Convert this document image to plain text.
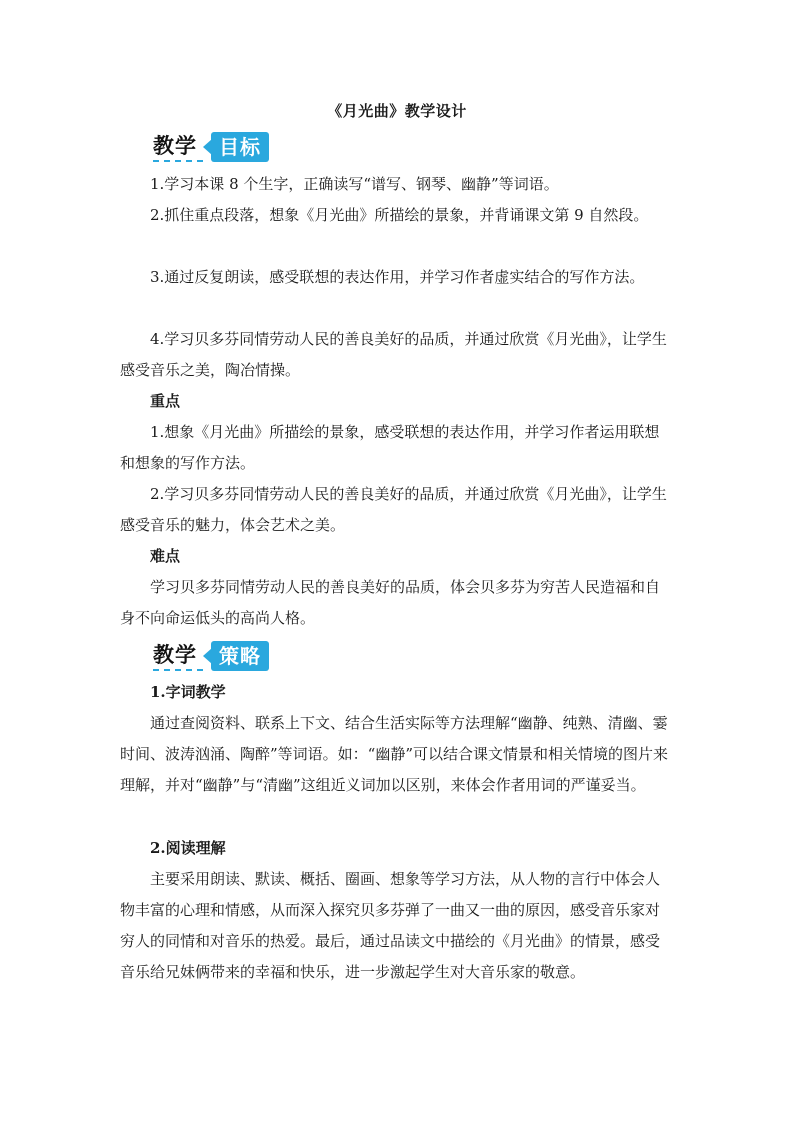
《月光曲》教学设计
教学	目标

1.学习本课 8 个生字，正确读写“谱写、钢琴、幽静”等词语。

2.抓住重点段落，想象《月光曲》所描绘的景象，并背诵课文第 9 自然段。

3.通过反复朗读，感受联想的表达作用，并学习作者虚实结合的写作方法。

4.学习贝多芬同情劳动人民的善良美好的品质，并通过欣赏《月光曲》，让学生感受音乐之美，陶冶情操。

重点

1.想象《月光曲》所描绘的景象，感受联想的表达作用，并学习作者运用联想和想象的写作方法。

2.学习贝多芬同情劳动人民的善良美好的品质，并通过欣赏《月光曲》，让学生感受音乐的魅力，体会艺术之美。

难点

学习贝多芬同情劳动人民的善良美好的品质，体会贝多芬为穷苦人民造福和自身不向命运低头的高尚人格。

教学	策略
1.字词教学

通过查阅资料、联系上下文、结合生活实际等方法理解“幽静、纯熟、清幽、霎时间、波涛汹涌、陶醉”等词语。如：“幽静”可以结合课文情景和相关情境的图片来理解，并对“幽静”与“清幽”这组近义词加以区别，来体会作者用词的严谨妥当。

2.阅读理解

主要采用朗读、默读、概括、圈画、想象等学习方法，从人物的言行中体会人物丰富的心理和情感，从而深入探究贝多芬弹了一曲又一曲的原因，感受音乐家对穷人的同情和对音乐的热爱。最后，通过品读文中描绘的《月光曲》的情景，感受音乐给兄妹俩带来的幸福和快乐，进一步激起学生对大音乐家的敬意。
